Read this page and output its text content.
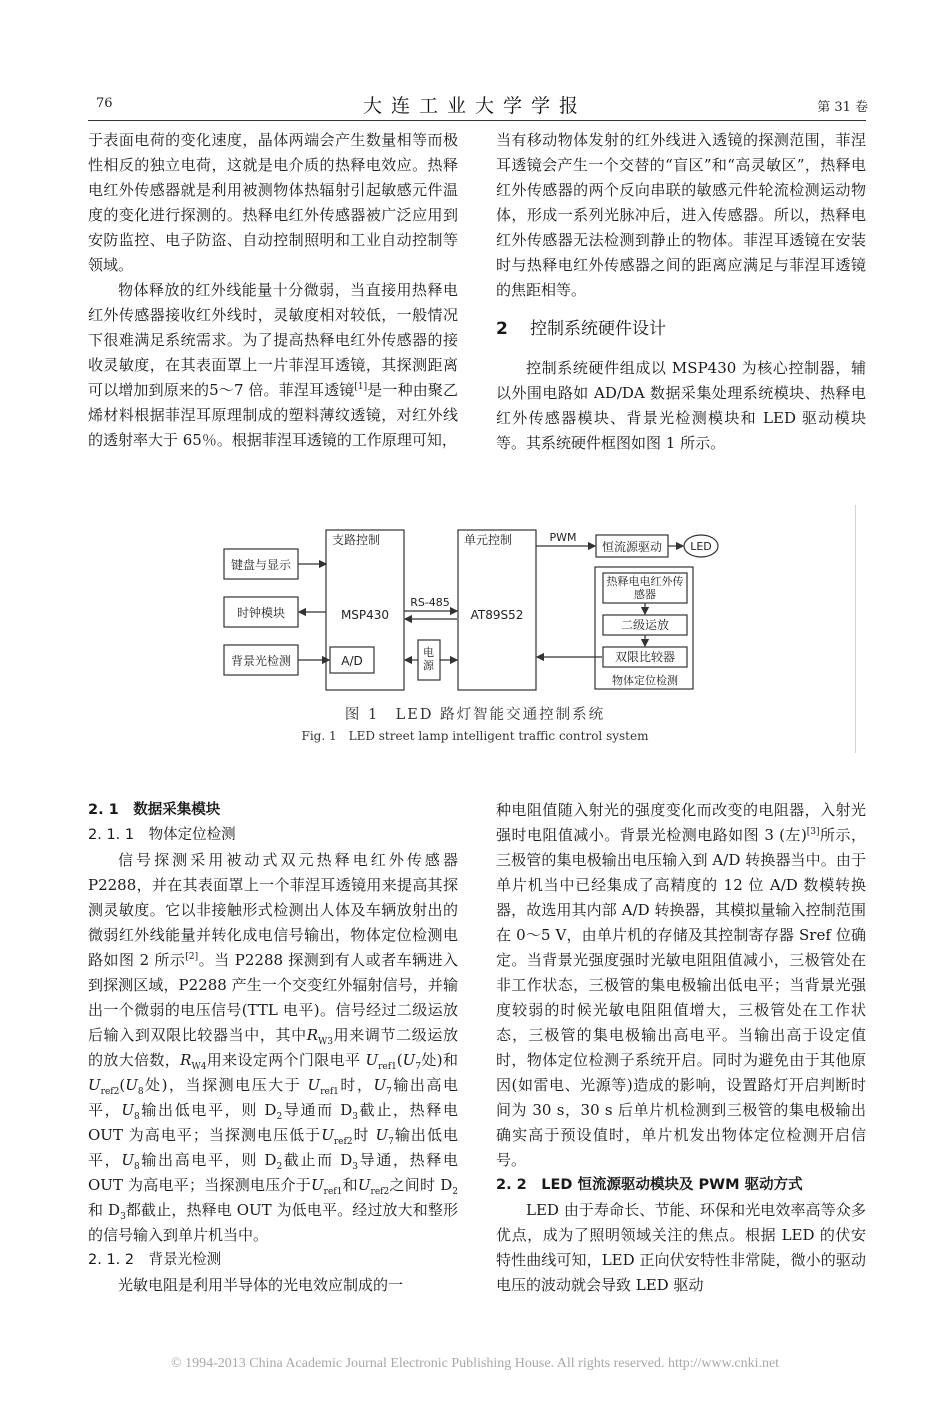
76	大连工业大学学报	第 31 卷

于表面电荷的变化速度，晶体两端会产生数量相等而极性相反的独立电荷，这就是电介质的热释电效应。热释电红外传感器就是利用被测物体热辐射引起敏感元件温度的变化进行探测的。热释电红外传感器被广泛应用到安防监控、电子防盗、自动控制照明和工业自动控制等领域。

物体释放的红外线能量十分微弱，当直接用热释电红外传感器接收红外线时，灵敏度相对较低，一般情况下很难满足系统需求。为了提高热释电红外传感器的接收灵敏度，在其表面罩上一片菲涅耳透镜，其探测距离可以增加到原来的5～7 倍。菲涅耳透镜[1]是一种由聚乙烯材料根据菲涅耳原理制成的塑料薄纹透镜，对红外线的透射率大于 65％。根据菲涅耳透镜的工作原理可知，

当有移动物体发射的红外线进入透镜的探测范围，菲涅耳透镜会产生一个交替的“盲区”和“高灵敏区”，热释电红外传感器的两个反向串联的敏感元件轮流检测运动物体，形成一系列光脉冲后，进入传感器。所以，热释电红外传感器无法检测到静止的物体。菲涅耳透镜在安装时与热释电红外传感器之间的距离应满足与菲涅耳透镜的焦距相等。

2 控制系统硬件设计

控制系统硬件组成以 MSP430 为核心控制器，辅以外围电路如 AD/DA 数据采集处理系统模块、热释电红外传感器模块、背景光检测模块和 LED 驱动模块等。其系统硬件框图如图 1 所示。

键盘与显示
时钟模块
背景光检测
支路控制
MSP430
A/D
RS-485
单元控制
AT89S52
PWM
恒流源驱动	LED
二级运放
双限比较器
物体定位检测
热释电电红外传感器
电源
图 1　LED 路灯智能交通控制系统
Fig. 1　LED street lamp intelligent traffic control system

2. 1　数据采集模块

2. 1. 1　物体定位检测

信号探测采用被动式双元热释电红外传感器 P2288，并在其表面罩上一个菲涅耳透镜用来提高其探测灵敏度。它以非接触形式检测出人体及车辆放射出的微弱红外线能量并转化成电信号输出，物体定位检测电路如图 2 所示[2]。当 P2288 探测到有人或者车辆进入到探测区域，P2288 产生一个交变红外辐射信号，并输出一个微弱的电压信号(TTL 电平)。信号经过二级运放后输入到双限比较器当中，其中$R_{W3}$用来调节二级运放的放大倍数，$R_{W4}$用来设定两个门限电平 $U_{ref1}(U_7$处)和 $U_{ref2}(U_8$处)，当探测电压大于 $U_{ref1}$时，$U_7$输出高电平，$U_8$输出低电平，则 $D_2$导通而 $D_3$截止，热释电 OUT 为高电平；当探测电压低于$U_{ref2}$时 $U_7$输出低电平，$U_8$输出高电平，则 $D_2$截止而 $D_3$导通，热释电 OUT 为高电平；当探测电压介于$U_{ref1}$和$U_{ref2}$之间时 $D_2$和 $D_3$都截止，热释电 OUT 为低电平。经过放大和整形的信号输入到单片机当中。

2. 1. 2　背景光检测

光敏电阻是利用半导体的光电效应制成的一

种电阻值随入射光的强度变化而改变的电阻器，入射光强时电阻值减小。背景光检测电路如图 3 (左)[3]所示，三极管的集电极输出电压输入到 A/D 转换器当中。由于单片机当中已经集成了高精度的 12 位 A/D 数模转换器，故选用其内部 A/D 转换器，其模拟量输入控制范围在 0～5 V，由单片机的存储及其控制寄存器 Sref 位确定。当背景光强度强时光敏电阻阻值减小，三极管处在非工作状态，三极管的集电极输出低电平；当背景光强度较弱的时候光敏电阻阻值增大，三极管处在工作状态，三极管的集电极输出高电平。当输出高于设定值时，物体定位检测子系统开启。同时为避免由于其他原因(如雷电、光源等)造成的影响，设置路灯开启判断时间为 30 s，30 s 后单片机检测到三极管的集电极输出确实高于预设值时，单片机发出物体定位检测开启信号。

2. 2　LED 恒流源驱动模块及 PWM 驱动方式

LED 由于寿命长、节能、环保和光电效率高等众多优点，成为了照明领域关注的焦点。根据 LED 的伏安特性曲线可知，LED 正向伏安特性非常陡，微小的驱动电压的波动就会导致 LED 驱动

© 1994-2013 China Academic Journal Electronic Publishing House. All rights reserved. http://www.cnki.net
